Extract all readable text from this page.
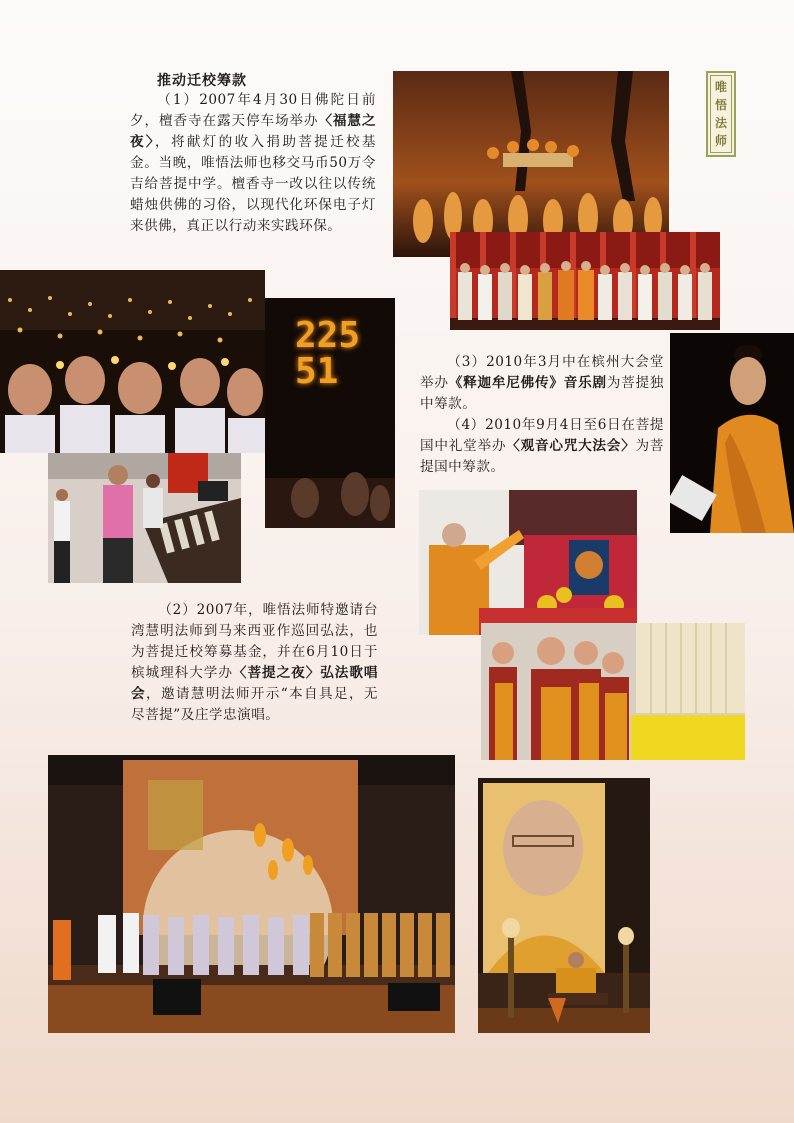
唯
悟
法
师
推动迁校筹款

（1）2007年4月30日佛陀日前夕，檀香寺在露天停车场举办〈福慧之夜〉，将献灯的收入捐助菩提迁校基金。当晚，唯悟法师也移交马币50万令吉给菩提中学。檀香寺一改以往以传统蜡烛供佛的习俗，以现代化环保电子灯来供佛，真正以行动来实践环保。

22551	（3）2010年3月中在槟州大会堂举办《释迦牟尼佛传》音乐剧为菩提独中筹款。

（4）2010年9月4日至6日在菩提国中礼堂举办〈观音心咒大法会〉为菩提国中筹款。

（2）2007年，唯悟法师特邀请台湾慧明法师到马来西亚作巡回弘法，也为菩提迁校筹募基金，并在6月10日于槟城理科大学办〈菩提之夜〉弘法歌唱会，邀请慧明法师开示“本自具足，无尽菩提”及庄学忠演唱。
